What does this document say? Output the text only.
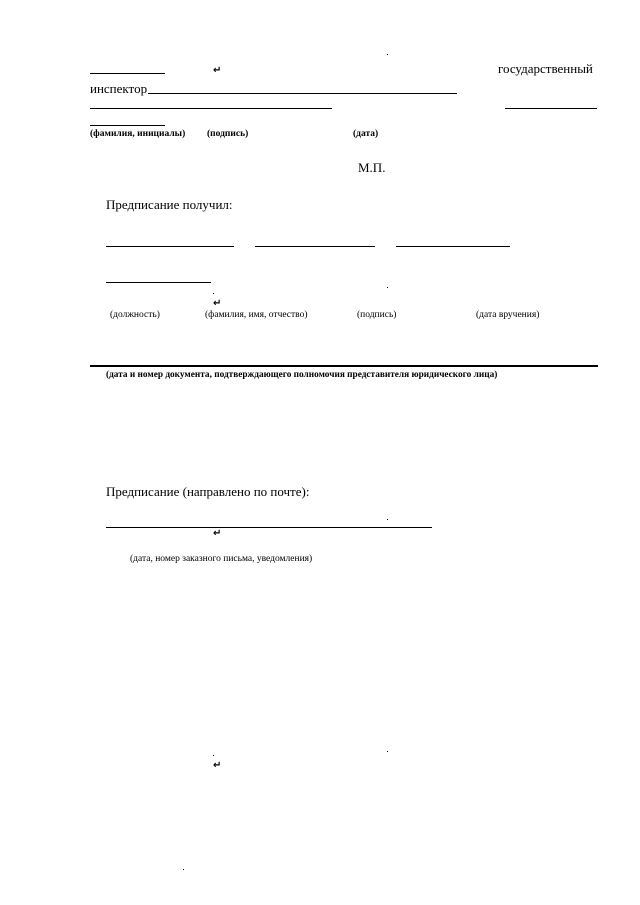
↵	государственный
инспектор
(фамилия, инициалы) (подпись)	(дата)
М.П.
Предписание получил:
↵
(должность)	(фамилия, имя, отчество)	(подпись)	(дата вручения)
(дата и номер документа, подтверждающего полномочия представителя юридического лица)
Предписание (направлено по почте):
↵
(дата, номер заказного письма, уведомления)
↵
